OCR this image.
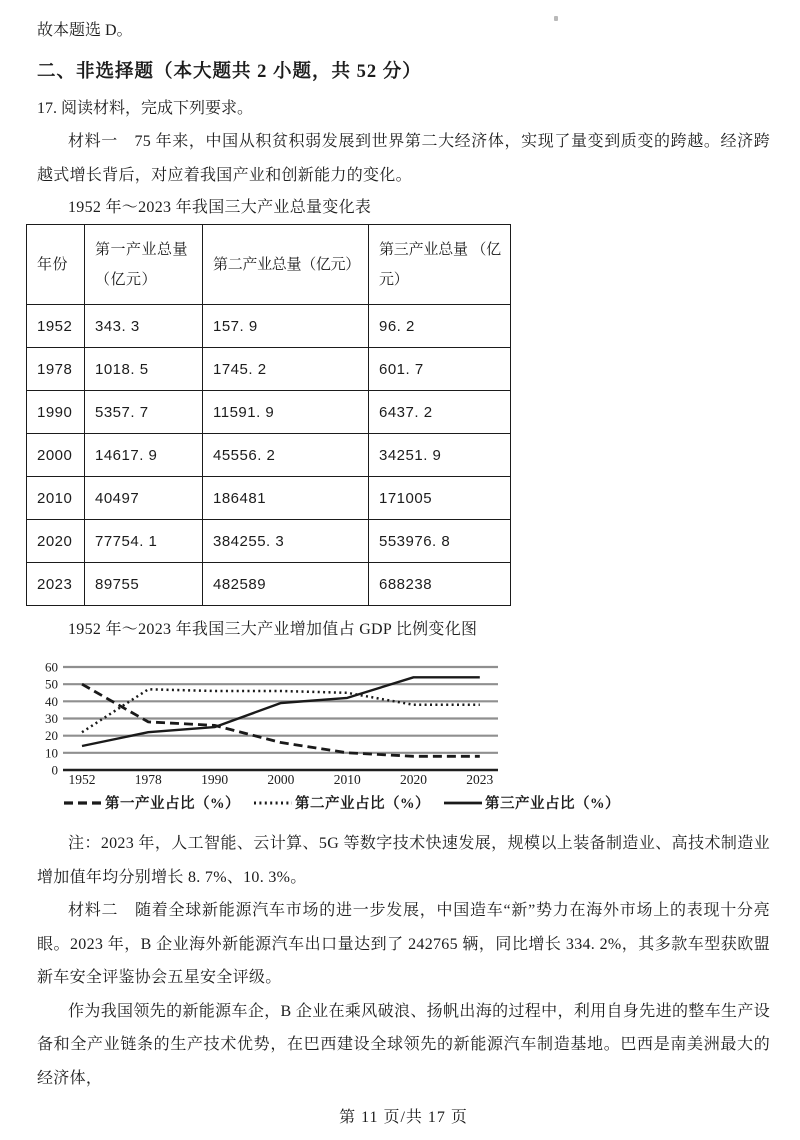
故本题选 D。

二、非选择题（本大题共 2 小题，共 52 分）

17. 阅读材料，完成下列要求。

材料一　75 年来，中国从积贫积弱发展到世界第二大经济体，实现了量变到质变的跨越。经济跨越式增长背后，对应着我国产业和创新能力的变化。

1952 年～2023 年我国三大产业总量变化表

年份	第一产业总量（亿元）	第二产业总量（亿元）	第三产业总量 （亿元）
1952	343. 3	157. 9	96. 2
1978	1018. 5	1745. 2	601. 7
1990	5357. 7	11591. 9	6437. 2
2000	14617. 9	45556. 2	34251. 9
2010	40497	186481	171005
2020	77754. 1	384255. 3	553976. 8
2023	89755	482589	688238

1952 年～2023 年我国三大产业增加值占 GDP 比例变化图

0
10
20
30
40
50
60
1952	1978	1990	2000	2010	2020	2023
第一产业占比（%）	第二产业占比（%）	第三产业占比（%）

注：2023 年，人工智能、云计算、5G 等数字技术快速发展，规模以上装备制造业、高技术制造业增加值年均分别增长 8. 7%、10. 3%。

材料二　随着全球新能源汽车市场的进一步发展，中国造车“新”势力在海外市场上的表现十分亮眼。2023 年，B 企业海外新能源汽车出口量达到了 242765 辆，同比增长 334. 2%，其多款车型获欧盟新车安全评鉴协会五星安全评级。

作为我国领先的新能源车企，B 企业在乘风破浪、扬帆出海的过程中，利用自身先进的整车生产设备和全产业链条的生产技术优势，在巴西建设全球领先的新能源汽车制造基地。巴西是南美洲最大的经济体，

第 11 页/共 17 页
